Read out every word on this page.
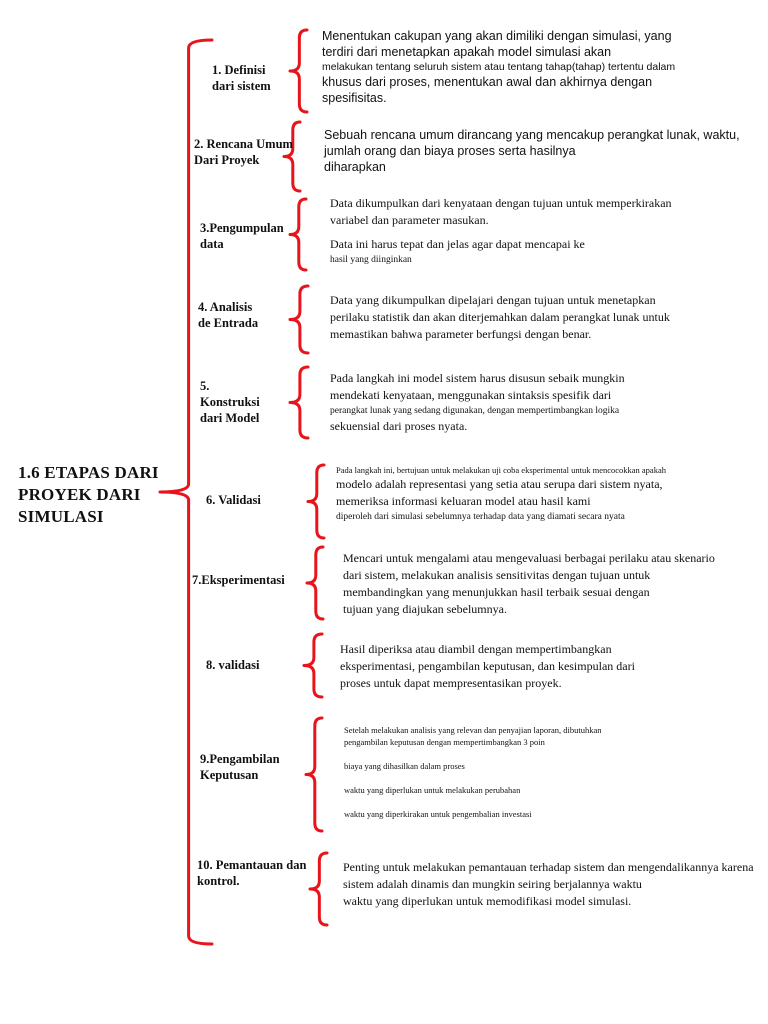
1.6 ETAPAS DARI PROYEK DARI SIMULASI
1. Definisi
dari sistem
Menentukan cakupan yang akan dimiliki dengan simulasi, yang
terdiri dari menetapkan apakah model simulasi akan
melakukan tentang seluruh sistem atau tentang tahap(tahap) tertentu dalam
khusus dari proses, menentukan awal dan akhirnya dengan
spesifisitas.
2. Rencana Umum
Dari Proyek
Sebuah rencana umum dirancang yang mencakup perangkat lunak, waktu,
jumlah orang dan biaya proses serta hasilnya
diharapkan
3.Pengumpulan
data
Data dikumpulkan dari kenyataan dengan tujuan untuk memperkirakan
variabel dan parameter masukan.
Data ini harus tepat dan jelas agar dapat mencapai ke
hasil yang diinginkan
4. Analisis
de Entrada
Data yang dikumpulkan dipelajari dengan tujuan untuk menetapkan
perilaku statistik dan akan diterjemahkan dalam perangkat lunak untuk
memastikan bahwa parameter berfungsi dengan benar.
5.
Konstruksi
dari Model
Pada langkah ini model sistem harus disusun sebaik mungkin
mendekati kenyataan, menggunakan sintaksis spesifik dari
perangkat lunak yang sedang digunakan, dengan mempertimbangkan logika
sekuensial dari proses nyata.
6. Validasi
Pada langkah ini, bertujuan untuk melakukan uji coba eksperimental untuk mencocokkan apakah
modelo adalah representasi yang setia atau serupa dari sistem nyata,
memeriksa informasi keluaran model atau hasil kami
diperoleh dari simulasi sebelumnya terhadap data yang diamati secara nyata
7.Eksperimentasi
Mencari untuk mengalami atau mengevaluasi berbagai perilaku atau skenario
dari sistem, melakukan analisis sensitivitas dengan tujuan untuk
membandingkan yang menunjukkan hasil terbaik sesuai dengan
tujuan yang diajukan sebelumnya.
8. validasi
Hasil diperiksa atau diambil dengan mempertimbangkan
eksperimentasi, pengambilan keputusan, dan kesimpulan dari
proses untuk dapat mempresentasikan proyek.
9.Pengambilan
Keputusan
Setelah melakukan analisis yang relevan dan penyajian laporan, dibutuhkan
pengambilan keputusan dengan mempertimbangkan 3 poin
biaya yang dihasilkan dalam proses
waktu yang diperlukan untuk melakukan perubahan
waktu yang diperkirakan untuk pengembalian investasi
10. Pemantauan dan
kontrol.
Penting untuk melakukan pemantauan terhadap sistem dan mengendalikannya karena
sistem adalah dinamis dan mungkin seiring berjalannya waktu
waktu yang diperlukan untuk memodifikasi model simulasi.
